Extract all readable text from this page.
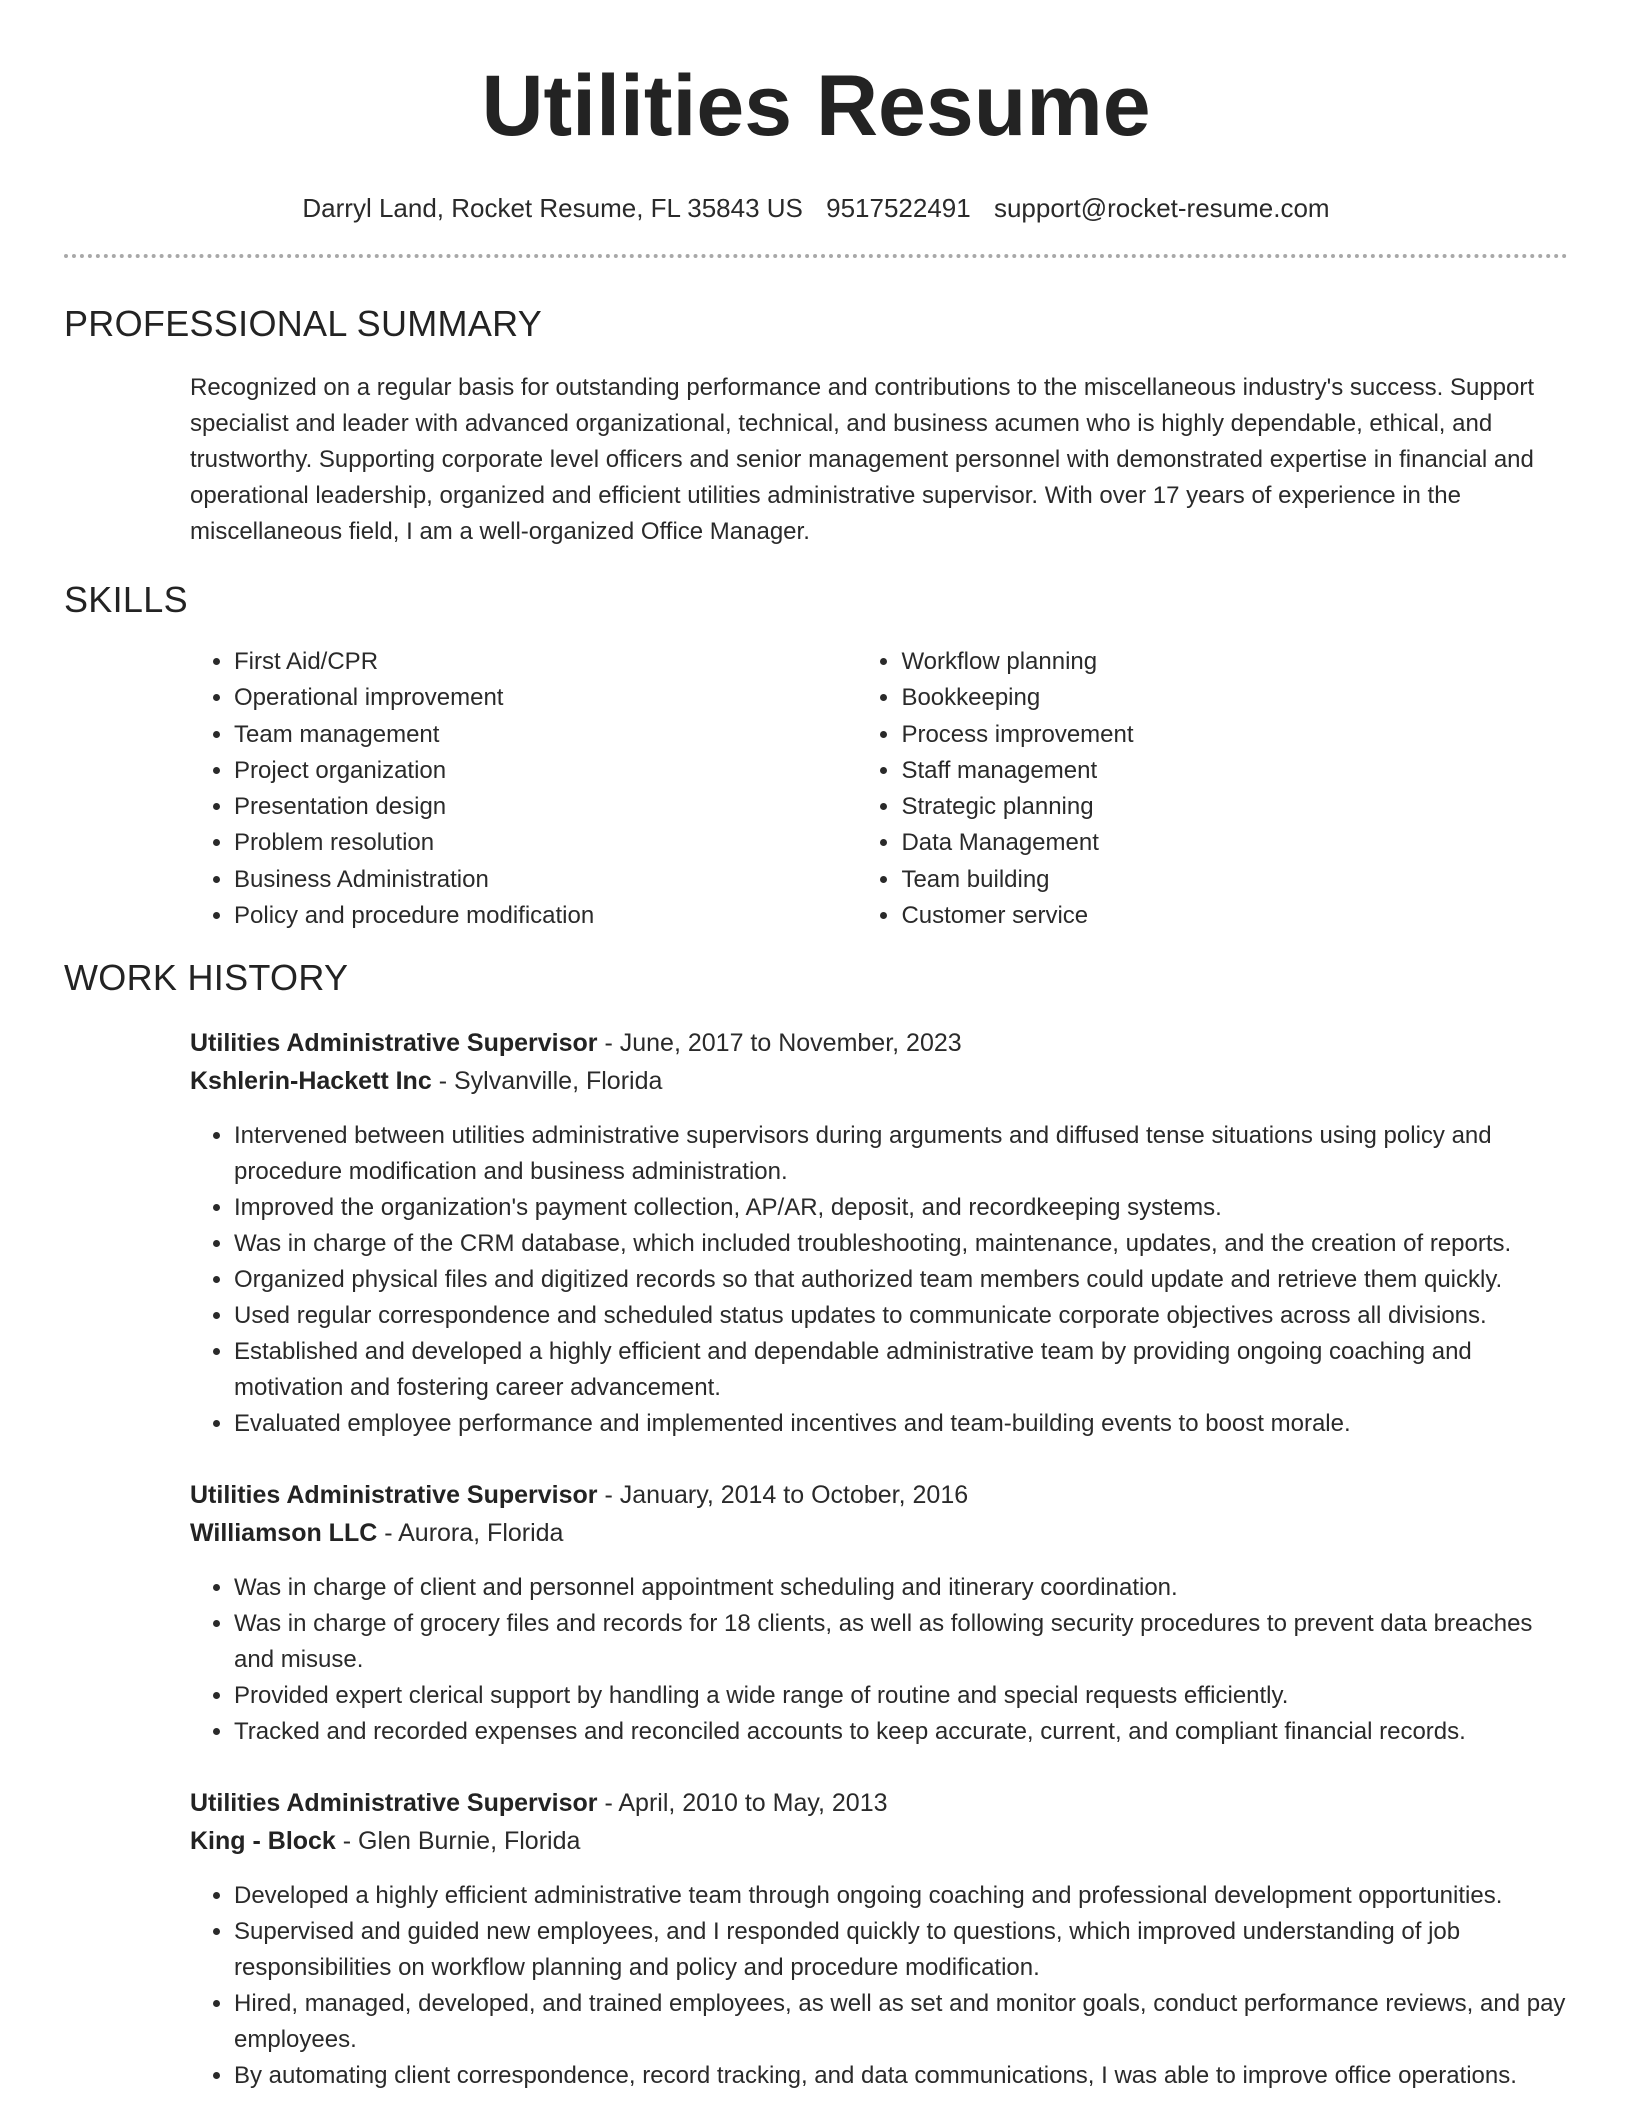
Utilities Resume
Darryl Land, Rocket Resume, FL 35843 US 9517522491 support@rocket-resume.com
PROFESSIONAL SUMMARY

Recognized on a regular basis for outstanding performance and contributions to the miscellaneous industry's success. Support specialist and leader with advanced organizational, technical, and business acumen who is highly dependable, ethical, and trustworthy. Supporting corporate level officers and senior management personnel with demonstrated expertise in financial and operational leadership, organized and efficient utilities administrative supervisor. With over 17 years of experience in the miscellaneous field, I am a well-organized Office Manager.

SKILLS
• First Aid/CPR
• Operational improvement
• Team management
• Project organization
• Presentation design
• Problem resolution
• Business Administration
• Policy and procedure modification
• Workflow planning
• Bookkeeping
• Process improvement
• Staff management
• Strategic planning
• Data Management
• Team building
• Customer service
WORK HISTORY
Utilities Administrative Supervisor - June, 2017 to November, 2023
Kshlerin-Hackett Inc - Sylvanville, Florida
• Intervened between utilities administrative supervisors during arguments and diffused tense situations using policy and procedure modification and business administration.
• Improved the organization's payment collection, AP/AR, deposit, and recordkeeping systems.
• Was in charge of the CRM database, which included troubleshooting, maintenance, updates, and the creation of reports.
• Organized physical files and digitized records so that authorized team members could update and retrieve them quickly.
• Used regular correspondence and scheduled status updates to communicate corporate objectives across all divisions.
• Established and developed a highly efficient and dependable administrative team by providing ongoing coaching and motivation and fostering career advancement.
• Evaluated employee performance and implemented incentives and team-building events to boost morale.
Utilities Administrative Supervisor - January, 2014 to October, 2016
Williamson LLC - Aurora, Florida
• Was in charge of client and personnel appointment scheduling and itinerary coordination.
• Was in charge of grocery files and records for 18 clients, as well as following security procedures to prevent data breaches and misuse.
• Provided expert clerical support by handling a wide range of routine and special requests efficiently.
• Tracked and recorded expenses and reconciled accounts to keep accurate, current, and compliant financial records.
Utilities Administrative Supervisor - April, 2010 to May, 2013
King - Block - Glen Burnie, Florida
• Developed a highly efficient administrative team through ongoing coaching and professional development opportunities.
• Supervised and guided new employees, and I responded quickly to questions, which improved understanding of job responsibilities on workflow planning and policy and procedure modification.
• Hired, managed, developed, and trained employees, as well as set and monitor goals, conduct performance reviews, and pay employees.
• By automating client correspondence, record tracking, and data communications, I was able to improve office operations.
